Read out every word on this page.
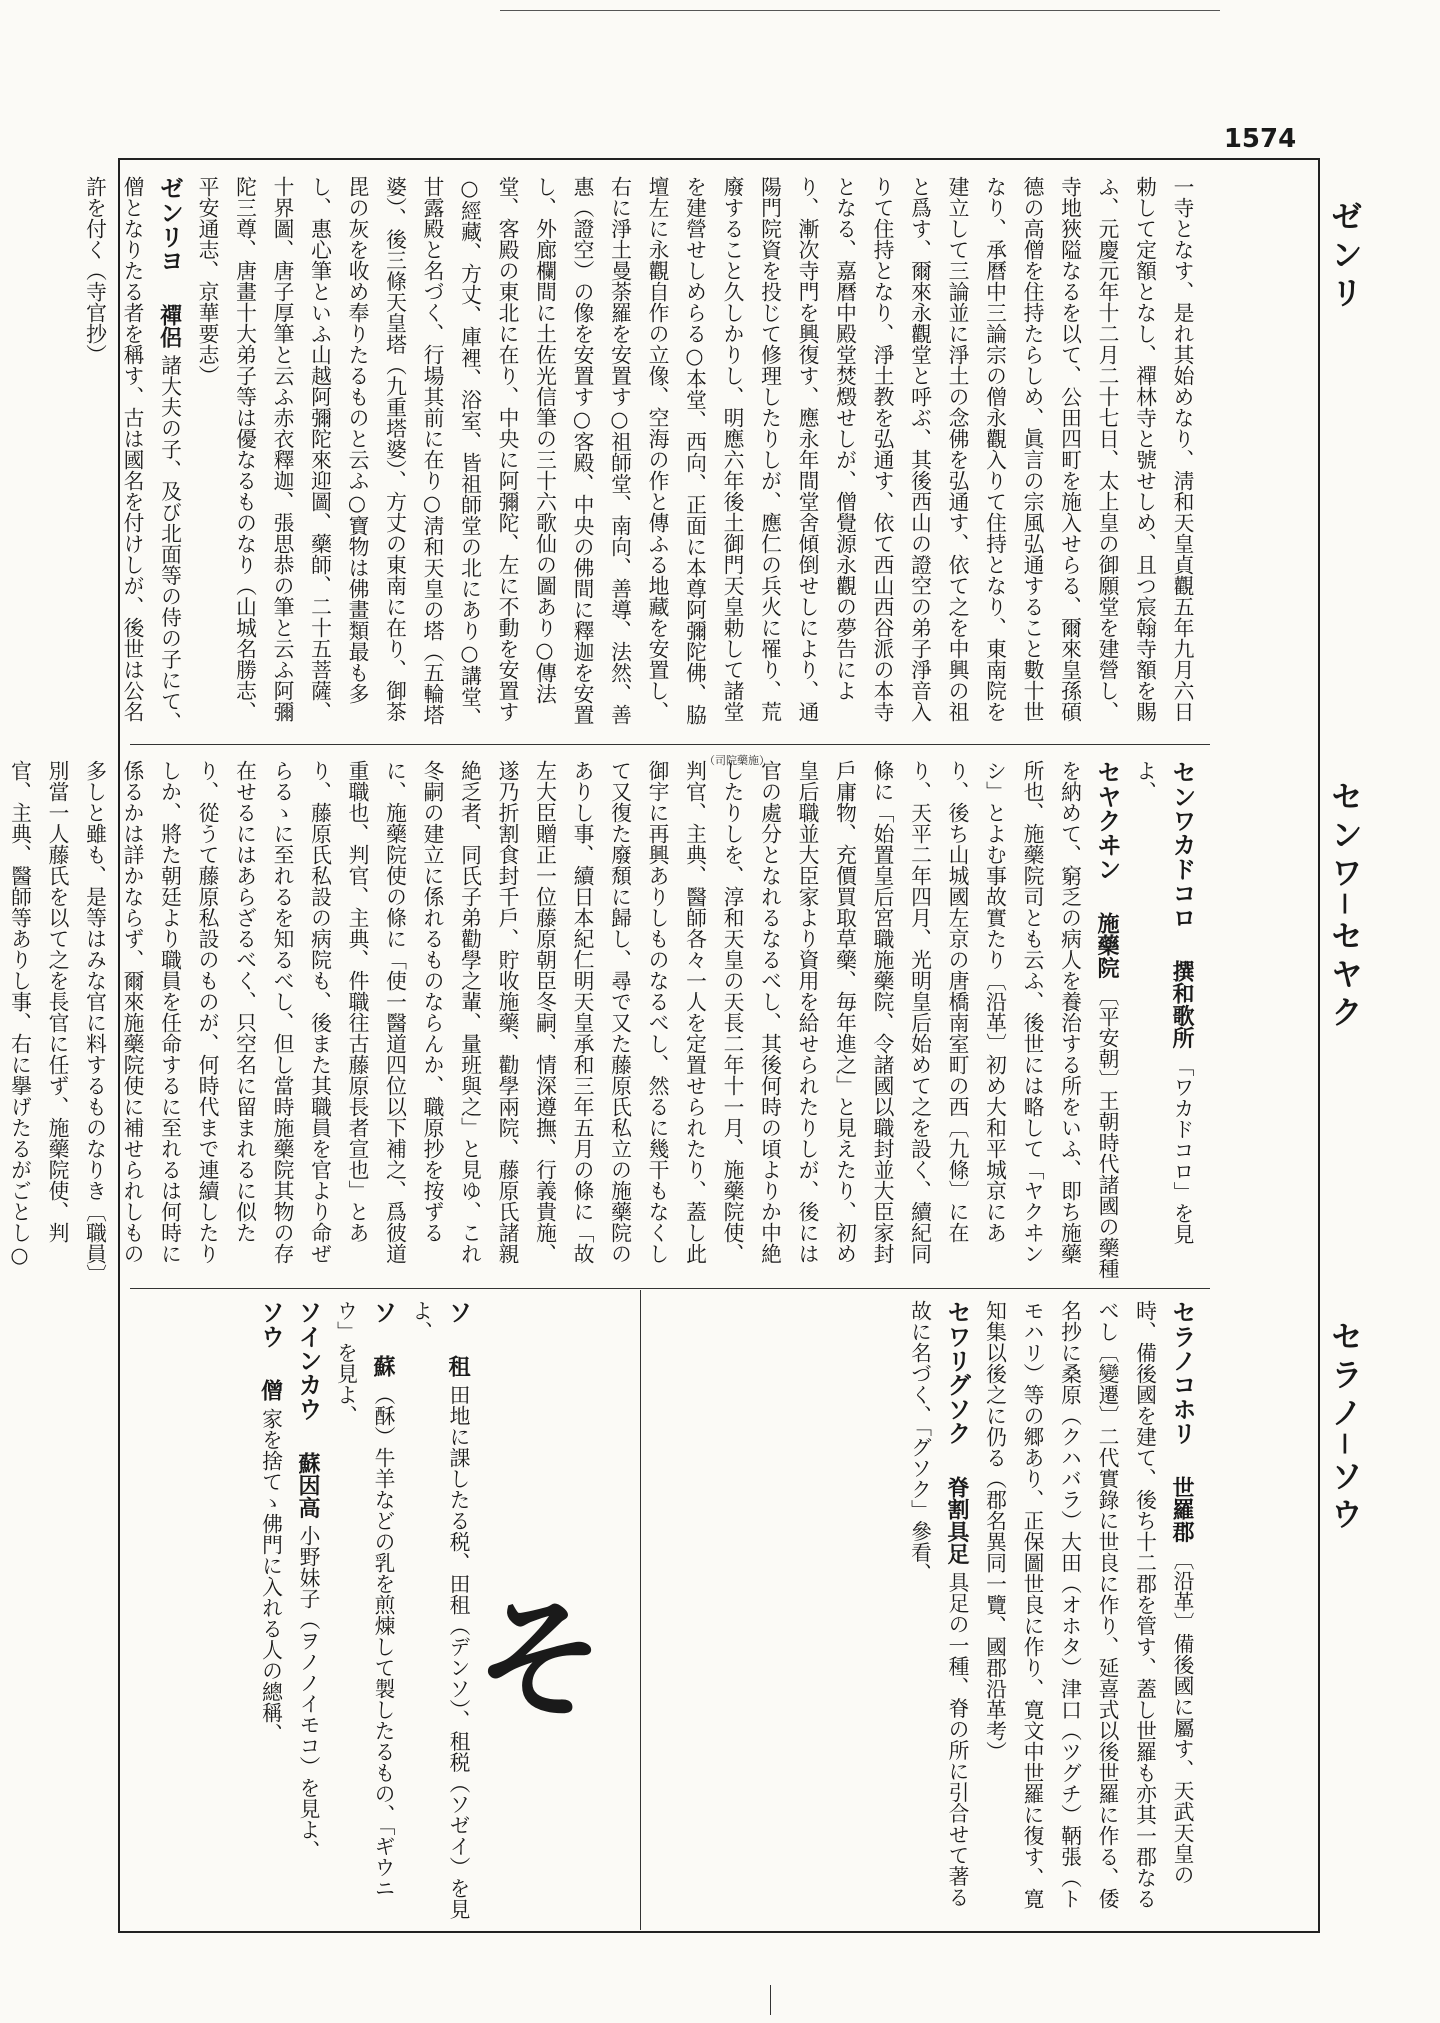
1574
ゼンリ
センワ─セヤク
セラノ─ソウ
（司院藥施）
一寺となす、是れ其始めなり、淸和天皇貞觀五年九月六日勅して定額となし、禪林寺と號せしめ、且つ宸翰寺額を賜ふ、元慶元年十二月二十七日、太上皇の御願堂を建營し、寺地狹隘なるを以て、公田四町を施入せらる、爾來皇孫碩德の高僧を住持たらしめ、眞言の宗風弘通すること數十世なり、承曆中三論宗の僧永觀入りて住持となり、東南院を建立して三論並に淨土の念佛を弘通す、依て之を中興の祖と爲す、爾來永觀堂と呼ぶ、其後西山の證空の弟子淨音入りて住持となり、淨土教を弘通す、依て西山西谷派の本寺となる、嘉曆中殿堂焚燬せしが、僧覺源永觀の夢告により、漸次寺門を興復す、應永年間堂舍傾倒せしにより、通陽門院資を投じて修理したりしが、應仁の兵火に罹り、荒廢すること久しかりし、明應六年後土御門天皇勅して諸堂を建營せしめらる○本堂、西向、正面に本尊阿彌陀佛、脇壇左に永觀自作の立像、空海の作と傳ふる地藏を安置し、右に淨土曼荼羅を安置す○祖師堂、南向、善導、法然、善惠（證空）の像を安置す○客殿、中央の佛間に釋迦を安置し、外廊欄間に土佐光信筆の三十六歌仙の圖あり○傳法堂、客殿の東北に在り、中央に阿彌陀、左に不動を安置す○經藏、方丈、庫裡、浴室、皆祖師堂の北にあり○講堂、甘露殿と名づく、行場其前に在り○淸和天皇の塔（五輪塔婆）、後三條天皇塔（九重塔婆）、方丈の東南に在り、御茶毘の灰を收め奉りたるものと云ふ○寶物は佛畫類最も多し、惠心筆といふ山越阿彌陀來迎圖、藥師、二十五菩薩、十界圖、唐子厚筆と云ふ赤衣釋迦、張思恭の筆と云ふ阿彌陀三尊、唐畫十大弟子等は優なるものなり（山城名勝志、平安通志、京華要志）
ゼンリヨ 禪侶 諸大夫の子、及び北面等の侍の子にて、僧となりたる者を稱す、古は國名を付けしが、後世は公名許を付く（寺官抄）
センワカドコロ 撰和歌所 「ワカドコロ」を見よ、
セヤクヰン 施藥院 〔平安朝〕王朝時代諸國の藥種を納めて、窮乏の病人を養治する所をいふ、即ち施藥所也、施藥院司とも云ふ、後世には略して「ヤクヰンシ」とよむ事故實たり〔沿革〕初め大和平城京にあり、後ち山城國左京の唐橋南室町の西〔九條〕に在り、天平二年四月、光明皇后始めて之を設く、續紀同條に「始置皇后宮職施藥院、令諸國以職封並大臣家封戶庸物、充價買取草藥、毎年進之」と見えたり、初め皇后職並大臣家より資用を給せられたりしが、後には官の處分となれるなるべし、其後何時の頃よりか中絶したりしを、淳和天皇の天長二年十一月、施藥院使、判官、主典、醫師各々一人を定置せられたり、蓋し此御宇に再興ありしものなるべし、然るに幾干もなくして又復た廢頹に歸し、尋で又た藤原氏私立の施藥院のありし事、續日本紀仁明天皇承和三年五月の條に「故左大臣贈正一位藤原朝臣冬嗣、情深遵撫、行義貴施、遂乃折割食封千戶、貯收施藥、勸學兩院、藤原氏諸親絶乏者、同氏子弟勸學之輩、量班與之」と見ゆ、これ冬嗣の建立に係れるものならんか、職原抄を按ずるに、施藥院使の條に「使一醫道四位以下補之、爲彼道重職也、判官、主典、件職往古藤原長者宣也」とあり、藤原氏私設の病院も、後また其職員を官より命ぜらるゝに至れるを知るべし、但し當時施藥院其物の存在せるにはあらざるべく、只空名に留まれるに似たり、從うて藤原私設のものが、何時代まで連續したりしか、將た朝廷より職員を任命するに至れるは何時に係るかは詳かならず、爾來施藥院使に補せられしもの多しと雖も、是等はみな官に料するものなりき〔職員〕別當一人藤氏を以て之を長官に任ず、施藥院使、判官、主典、醫師等ありし事、右に擧げたるがごとし○
セラノコホリ 世羅郡 〔沿革〕備後國に屬す、天武天皇の時、備後國を建て、後ち十二郡を管す、蓋し世羅も亦其一郡なるべし〔變遷〕二代實錄に世良に作り、延喜式以後世羅に作る、倭名抄に桑原（クハバラ）大田（オホタ）津口（ツグチ）鞆張（トモハリ）等の郷あり、正保圖世良に作り、寛文中世羅に復す、寛知集以後之に仍る（郡名異同一覽、國郡沿革考）
セワリグソク 脊割具足 具足の一種、脊の所に引合せて著る故に名づく、「グソク」參看、
そ
ソ 租 田地に課したる税、田租（デンソ）、租税（ソゼイ）を見よ、
ソ 蘇 （酥）牛羊などの乳を煎煉して製したるもの、「ギウニウ」を見よ、
ソインカウ 蘇因高 小野妹子（ヲノノイモコ）を見よ、
ソウ 僧 家を捨てゝ佛門に入れる人の總稱、
